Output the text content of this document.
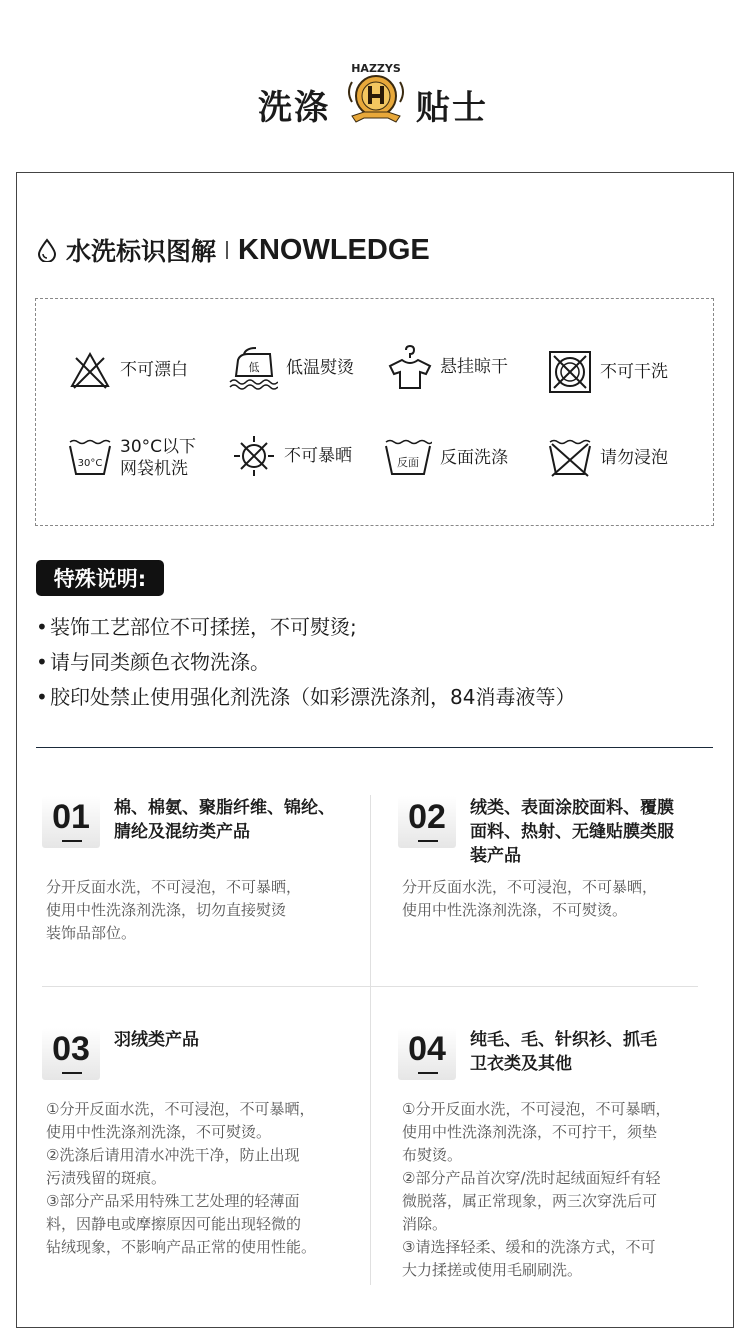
洗涤
HAZZYS
贴士
水洗标识图解 KNOWLEDGE
不可漂白	低 低温熨烫	悬挂晾干	不可干洗
30°C
30°C以下
网袋机洗
不可暴晒	反面 反面洗涤	请勿浸泡
特殊说明:
• 装饰工艺部位不可揉搓，不可熨烫;
• 请与同类颜色衣物洗涤。
• 胶印处禁止使用强化剂洗涤（如彩漂洗涤剂，84消毒液等）
01	棉、棉氨、聚脂纤维、锦纶、
腈纶及混纺类产品
分开反面水洗，不可浸泡，不可暴晒，
使用中性洗涤剂洗涤，切勿直接熨烫
装饰品部位。
02	绒类、表面涂胶面料、覆膜
面料、热射、无缝贴膜类服
装产品
分开反面水洗，不可浸泡，不可暴晒，
使用中性洗涤剂洗涤，不可熨烫。
03	羽绒类产品
①分开反面水洗，不可浸泡，不可暴晒，
使用中性洗涤剂洗涤，不可熨烫。
②洗涤后请用清水冲洗干净，防止出现
污渍残留的斑痕。
③部分产品采用特殊工艺处理的轻薄面
料，因静电或摩擦原因可能出现轻微的
钻绒现象，不影响产品正常的使用性能。
04	纯毛、毛、针织衫、抓毛
卫衣类及其他
①分开反面水洗，不可浸泡，不可暴晒，
使用中性洗涤剂洗涤，不可拧干，须垫
布熨烫。
②部分产品首次穿/洗时起绒面短纤有轻
微脱落，属正常现象，两三次穿洗后可
消除。
③请选择轻柔、缓和的洗涤方式，不可
大力揉搓或使用毛刷刷洗。
